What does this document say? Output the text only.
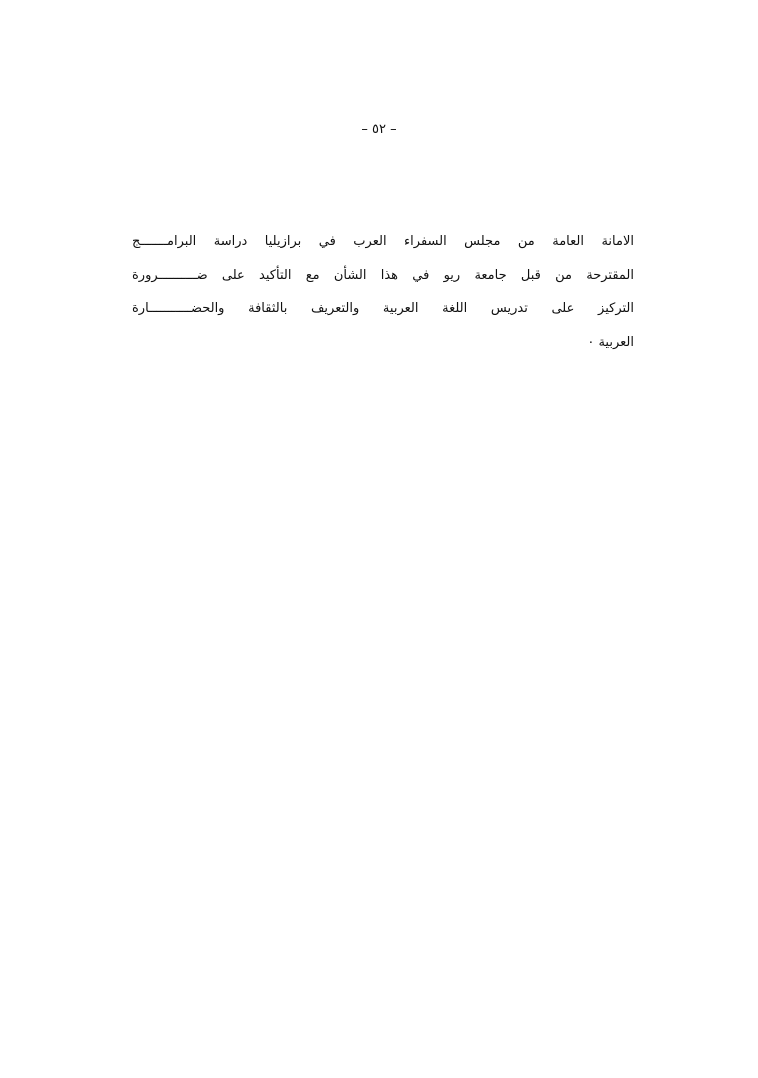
– ٥٢ –
الامانة العامة من مجلس السفراء العرب في برازيليا دراسة البرامـــــــج
المقترحة من قبل جامعة ريو في هذا الشأن مع التأكيد على ضــــــــــرورة
التركيز على تدريس اللغة العربية والتعريف بالثقافة والحضـــــــــــارة
العربية ٠
